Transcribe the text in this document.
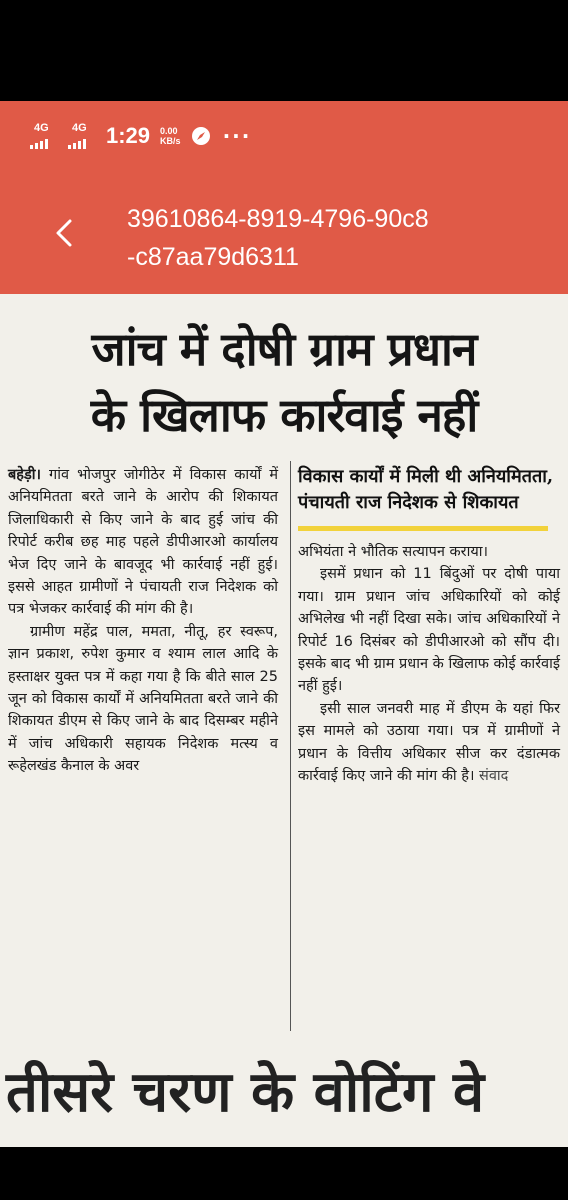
4G 4G 1:29 0.00
KB/s ···
39610864-8919-4796-90c8
-c87aa79d6311
जांच में दोषी ग्राम प्रधान
के खिलाफ कार्रवाई नहीं

बहेड़ी। गांव भोजपुर जोगीठेर में विकास कार्यों में अनियमितता बरते जाने के आरोप की शिकायत जिलाधिकारी से किए जाने के बाद हुई जांच की रिपोर्ट करीब छह माह पहले डीपीआरओ कार्यालय भेज दिए जाने के बावजूद भी कार्रवाई नहीं हुई। इससे आहत ग्रामीणों ने पंचायती राज निदेशक को पत्र भेजकर कार्रवाई की मांग की है।

ग्रामीण महेंद्र पाल, ममता, नीतू, हर स्वरूप, ज्ञान प्रकाश, रुपेश कुमार व श्याम लाल आदि के हस्ताक्षर युक्त पत्र में कहा गया है कि बीते साल 25 जून को विकास कार्यों में अनियमितता बरते जाने की शिकायत डीएम से किए जाने के बाद दिसम्बर महीने में जांच अधिकारी सहायक निदेशक मत्स्य व रूहेलखंड कैनाल के अवर

विकास कार्यों में मिली थी अनियमितता, पंचायती राज निदेशक से शिकायत

अभियंता ने भौतिक सत्यापन कराया।

इसमें प्रधान को 11 बिंदुओं पर दोषी पाया गया। ग्राम प्रधान जांच अधिकारियों को कोई अभिलेख भी नहीं दिखा सके। जांच अधिकारियों ने रिपोर्ट 16 दिसंबर को डीपीआरओ को सौंप दी। इसके बाद भी ग्राम प्रधान के खिलाफ कोई कार्रवाई नहीं हुई।

इसी साल जनवरी माह में डीएम के यहां फिर इस मामले को उठाया गया। पत्र में ग्रामीणों ने प्रधान के वित्तीय अधिकार सीज कर दंडात्मक कार्रवाई किए जाने की मांग की है। संवाद

तीसरे चरण के वोटिंग वे
